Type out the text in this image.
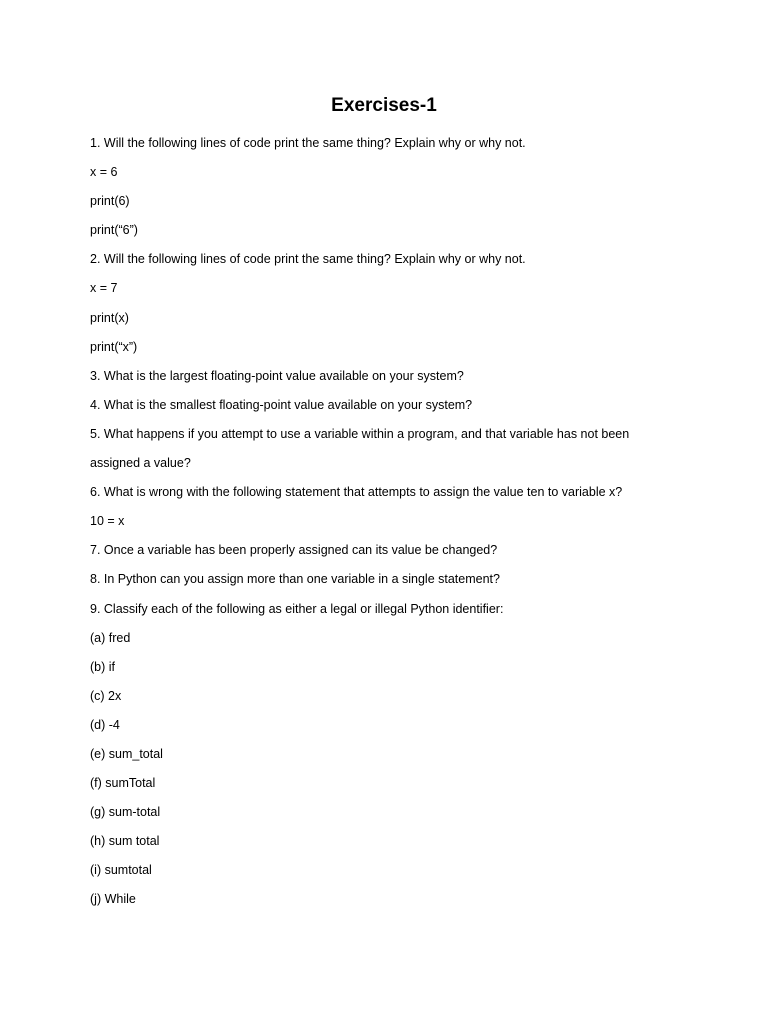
Exercises-1
1. Will the following lines of code print the same thing? Explain why or why not.
x = 6
print(6)
print(“6”)
2. Will the following lines of code print the same thing? Explain why or why not.
x = 7
print(x)
print(“x”)
3. What is the largest floating-point value available on your system?
4. What is the smallest floating-point value available on your system?
5. What happens if you attempt to use a variable within a program, and that variable has not been
assigned a value?
6. What is wrong with the following statement that attempts to assign the value ten to variable x?
10 = x
7. Once a variable has been properly assigned can its value be changed?
8. In Python can you assign more than one variable in a single statement?
9. Classify each of the following as either a legal or illegal Python identifier:
(a) fred
(b) if
(c) 2x
(d) -4
(e) sum_total
(f) sumTotal
(g) sum-total
(h) sum total
(i) sumtotal
(j) While
